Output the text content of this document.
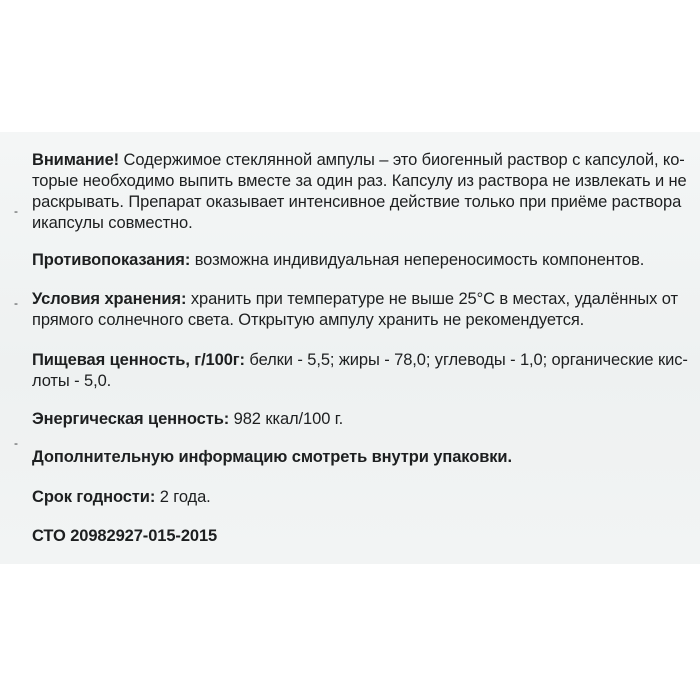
-
-
-
Внимание! Содержимое стеклянной ампулы – это биогенный раствор с капсулой, ко-
торые необходимо выпить вместе за один раз. Капсулу из раствора не извлекать и не
раскрывать. Препарат оказывает интенсивное действие только при приёме раствора
икапсулы совместно.
Противопоказания: возможна индивидуальная непереносимость компонентов.
Условия хранения: хранить при температуре не выше 25°С в местах, удалённых от
прямого солнечного света. Открытую ампулу хранить не рекомендуется.
Пищевая ценность, г/100г: белки - 5,5; жиры - 78,0; углеводы - 1,0; органические кис-
лоты - 5,0.
Энергическая ценность: 982 ккал/100 г.
Дополнительную информацию смотреть внутри упаковки.
Срок годности: 2 года.
СТО 20982927-015-2015
